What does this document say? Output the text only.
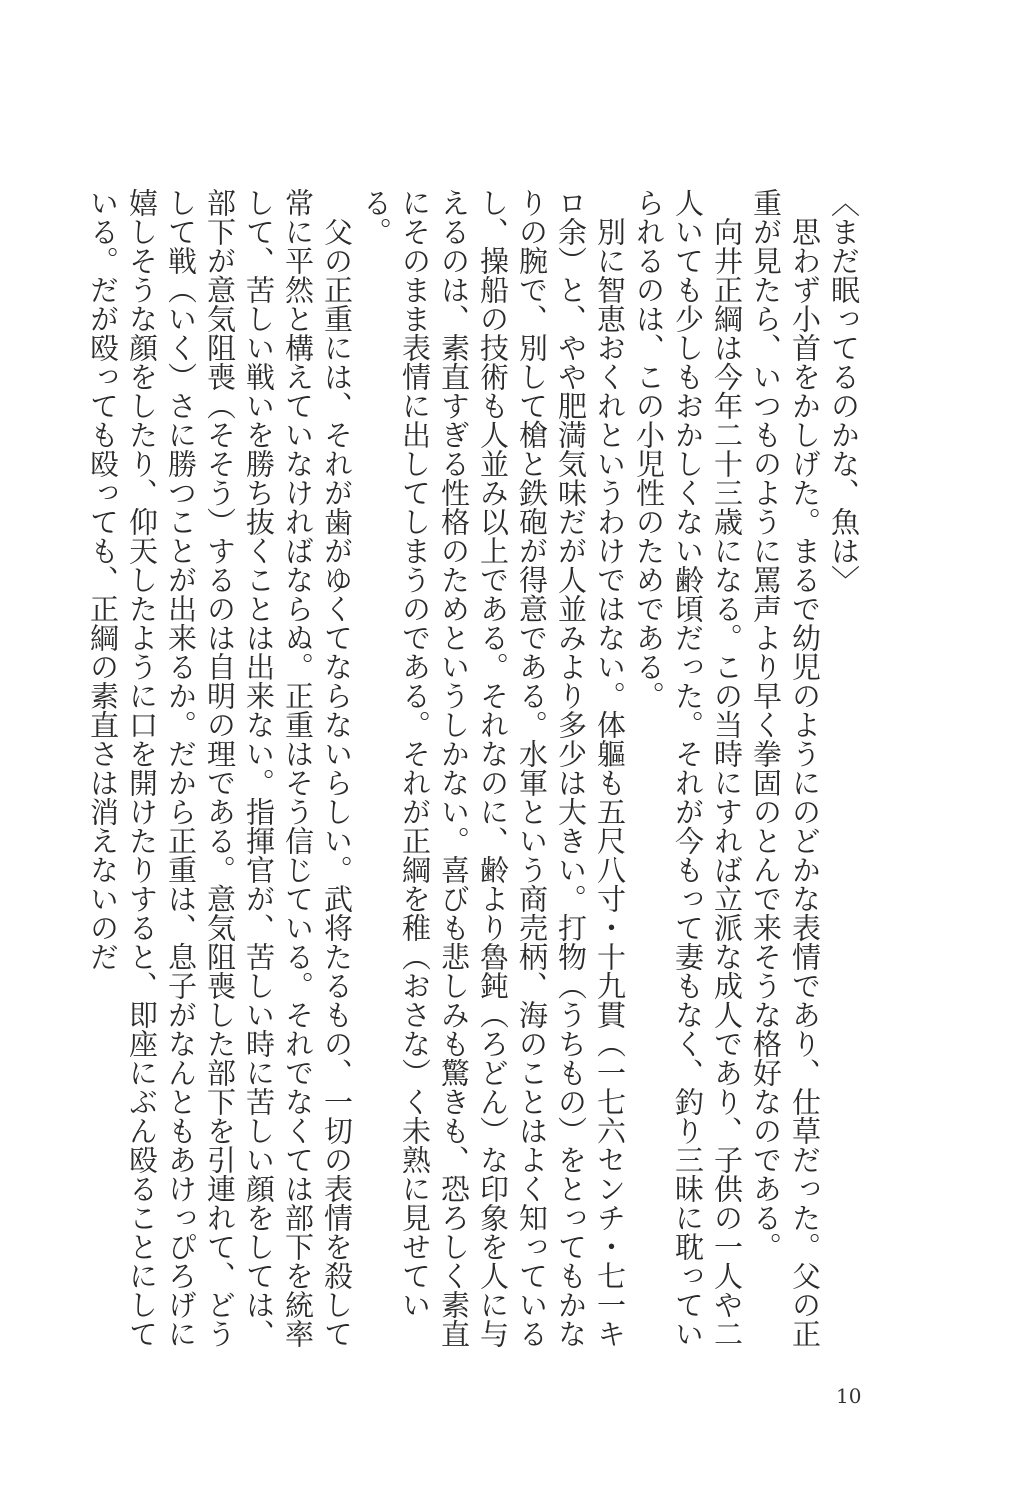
〈まだ眠ってるのかな、魚は〉

　思わず小首をかしげた。まるで幼児のようにのどかな表情であり、仕草だった。父の正重が見たら、いつものように罵声より早く拳固のとんで来そうな格好なのである。

　向井正綱は今年二十三歳になる。この当時にすれば立派な成人であり、子供の一人や二人いても少しもおかしくない齢頃だった。それが今もって妻もなく、釣り三昧に耽っていられるのは、この小児性のためである。

　別に智恵おくれというわけではない。体軀も五尺八寸・十九貫（一七六センチ・七一キロ余）と、やや肥満気味だが人並みより多少は大きい。打物（うちもの）をとってもかなりの腕で、別して槍と鉄砲が得意である。水軍という商売柄、海のことはよく知っているし、操船の技術も人並み以上である。それなのに、齢より魯鈍（ろどん）な印象を人に与えるのは、素直すぎる性格のためというしかない。喜びも悲しみも驚きも、恐ろしく素直にそのまま表情に出してしまうのである。それが正綱を稚（おさな）く未熟に見せている。

　父の正重には、それが歯がゆくてならないらしい。武将たるもの、一切の表情を殺して常に平然と構えていなければならぬ。正重はそう信じている。それでなくては部下を統率して、苦しい戦いを勝ち抜くことは出来ない。指揮官が、苦しい時に苦しい顔をしては、部下が意気阻喪（そそう）するのは自明の理である。意気阻喪した部下を引連れて、どうして戦（いく）さに勝つことが出来るか。だから正重は、息子がなんともあけっぴろげに嬉しそうな顔をしたり、仰天したように口を開けたりすると、即座にぶん殴ることにしている。だが殴っても殴っても、正綱の素直さは消えないのだ

10
